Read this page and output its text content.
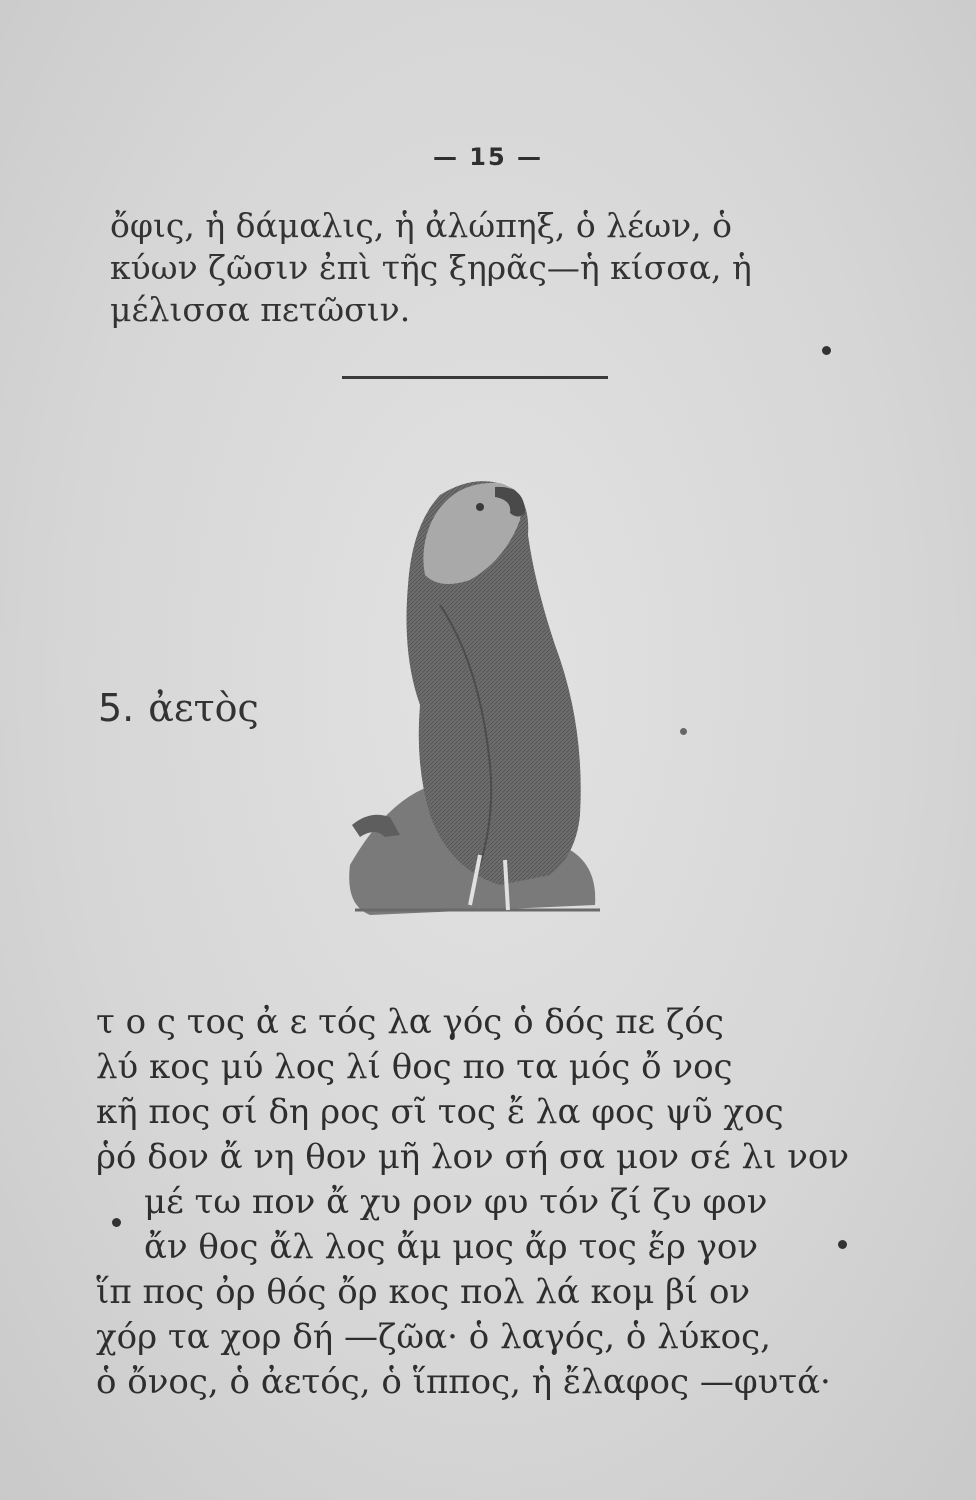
— 15 —
ὄφις, ἡ δάμαλις, ἡ ἀλώπηξ, ὁ λέων, ὁ
κύων ζῶσιν ἐπὶ τῆς ξηρᾶς—ἡ κίσσα, ἡ
μέλισσα πετῶσιν.
5. ἀετὸς
τ ο ς τος ἀ ε τός λα γός ὁ δός πε ζός
λύ κος μύ λος λί θος πο τα μός ὄ νος
κῆ πος σί δη ρος σῖ τος ἔ λα φος ψῦ χος
ῥό δον ἄ νη θον μῆ λον σή σα μον σέ λι νον
μέ τω πον ἄ χυ ρον φυ τόν ζί ζυ φον
ἄν θος ἄλ λος ἄμ μος ἄρ τος ἔρ γον
ἵπ πος ὀρ θός ὄρ κος πολ λά κομ βί ον
χόρ τα χορ δή —ζῶα· ὁ λαγός, ὁ λύκος,
ὁ ὄνος, ὁ ἀετός, ὁ ἵππος, ἡ ἔλαφος —φυτά·
